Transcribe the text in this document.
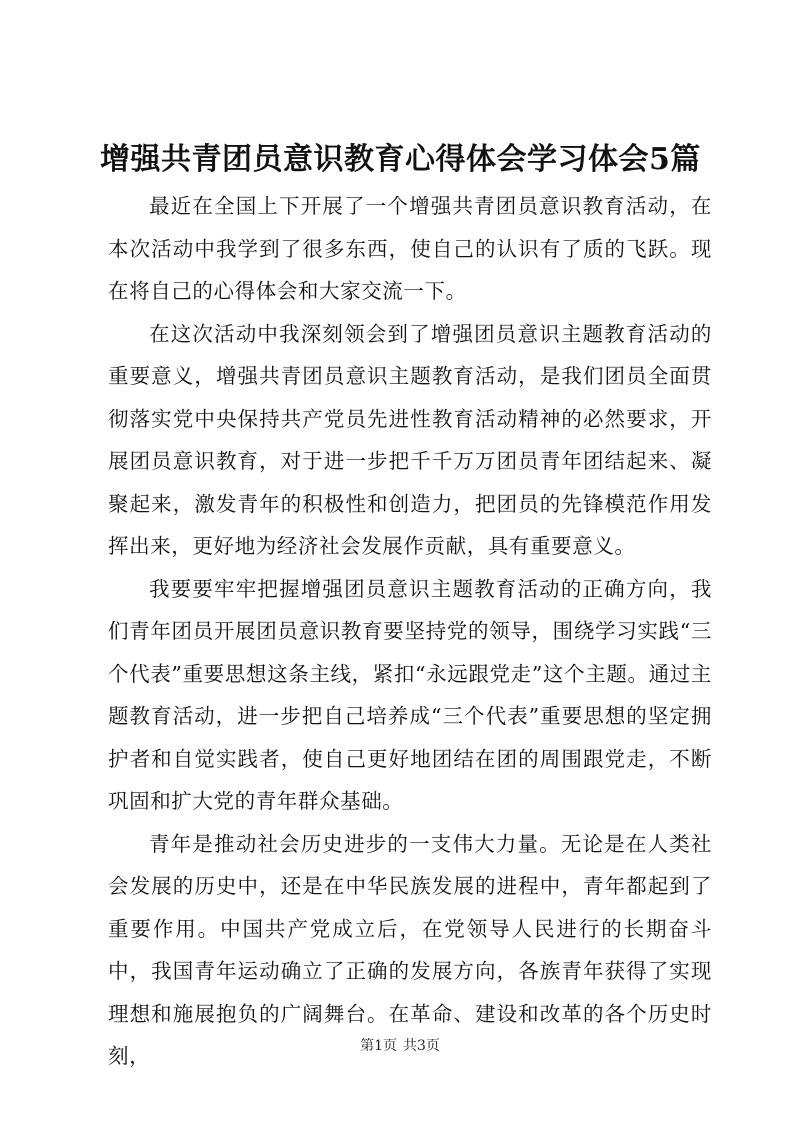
增强共青团员意识教育心得体会学习体会5篇

最近在全国上下开展了一个增强共青团员意识教育活动，在本次活动中我学到了很多东西，使自己的认识有了质的飞跃。现在将自己的心得体会和大家交流一下。

在这次活动中我深刻领会到了增强团员意识主题教育活动的重要意义，增强共青团员意识主题教育活动，是我们团员全面贯彻落实党中央保持共产党员先进性教育活动精神的必然要求，开展团员意识教育，对于进一步把千千万万团员青年团结起来、凝聚起来，激发青年的积极性和创造力，把团员的先锋模范作用发挥出来，更好地为经济社会发展作贡献，具有重要意义。

我要要牢牢把握增强团员意识主题教育活动的正确方向，我们青年团员开展团员意识教育要坚持党的领导，围绕学习实践“三个代表”重要思想这条主线，紧扣“永远跟党走”这个主题。通过主题教育活动，进一步把自己培养成“三个代表”重要思想的坚定拥护者和自觉实践者，使自己更好地团结在团的周围跟党走，不断巩固和扩大党的青年群众基础。

青年是推动社会历史进步的一支伟大力量。无论是在人类社会发展的历史中，还是在中华民族发展的进程中，青年都起到了重要作用。中国共产党成立后，在党领导人民进行的长期奋斗中，我国青年运动确立了正确的发展方向，各族青年获得了实现理想和施展抱负的广阔舞台。在革命、建设和改革的各个历史时刻，	第1页 共3页
